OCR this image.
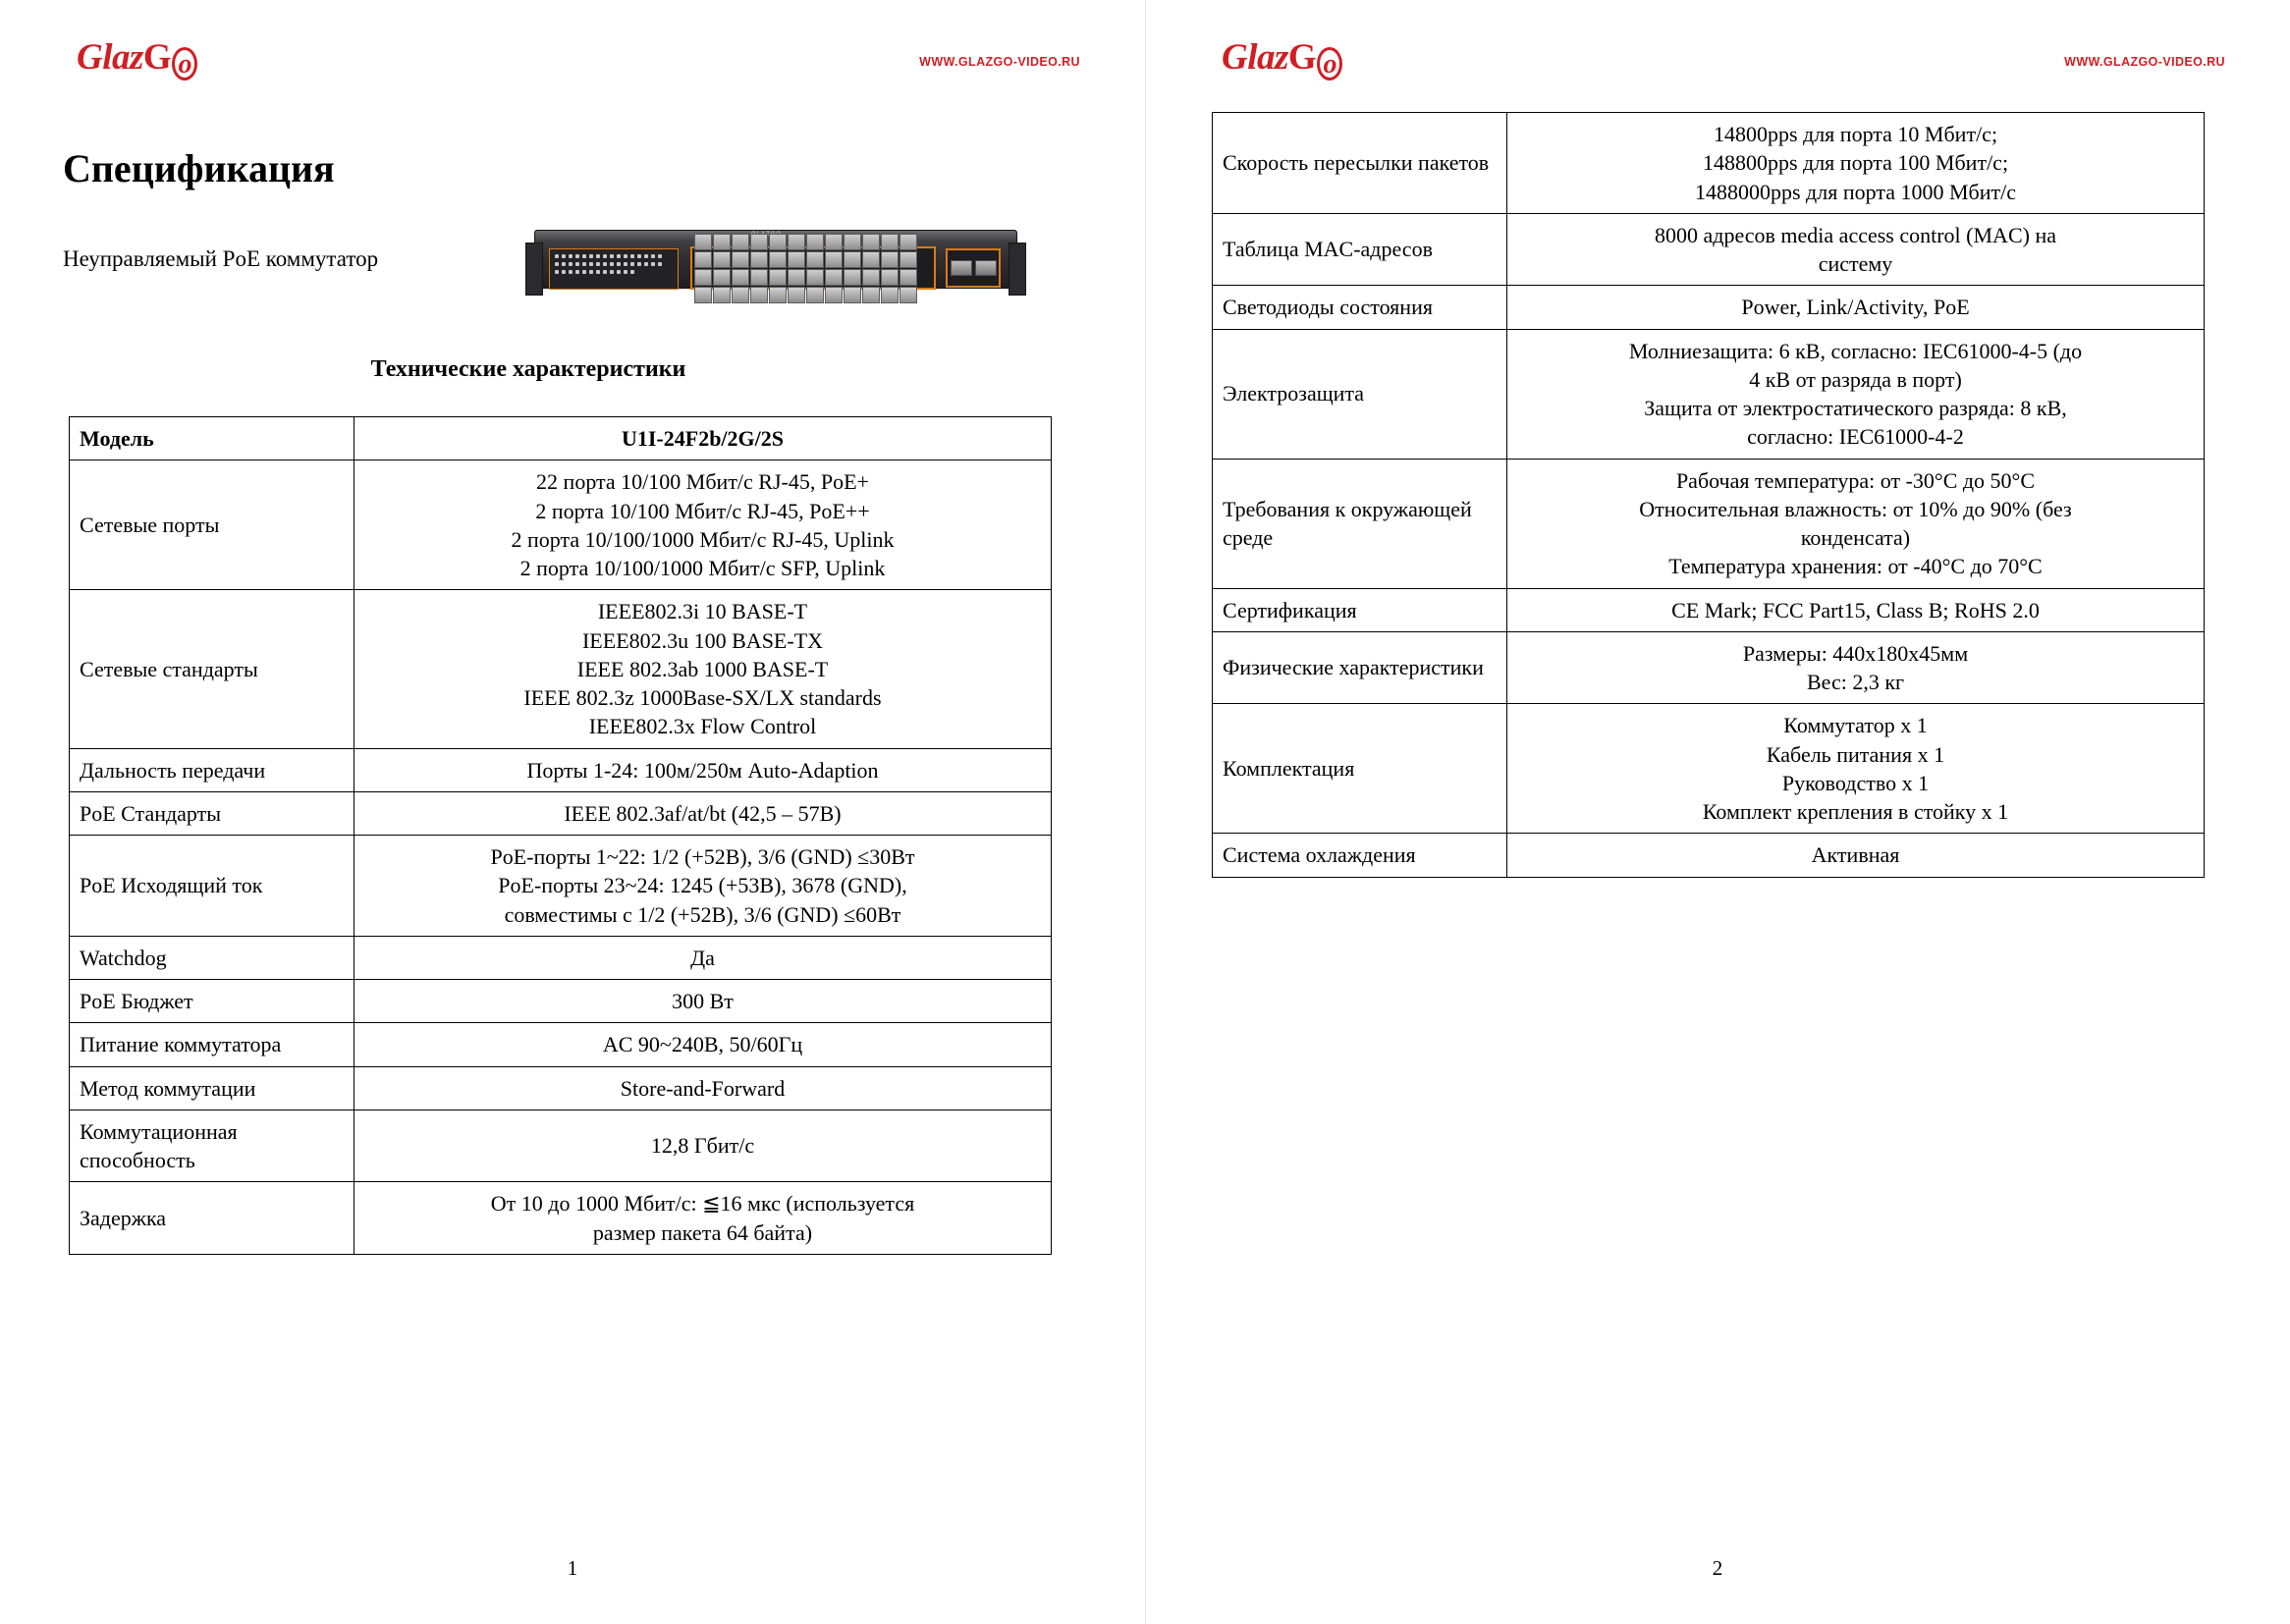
GlazG o	WWW.GLAZGO-VIDEO.RU
Спецификация
Неуправляемый PoE коммутатор
Технические характеристики
Модель	U1I-24F2b/2G/2S

Сетевые порты	22 порта 10/100 Мбит/с RJ-45, PoE+
2 порта 10/100 Мбит/с RJ-45, PoE++
2 порта 10/100/1000 Мбит/с RJ-45, Uplink
2 порта 10/100/1000 Мбит/с SFP, Uplink

Сетевые стандарты	IEEE802.3i 10 BASE-T
IEEE802.3u 100 BASE-TX
IEEE 802.3ab 1000 BASE-T
IEEE 802.3z 1000Base-SX/LX standards
IEEE802.3x Flow Control

Дальность передачи	Порты 1-24: 100м/250м Auto-Adaption

PoE Стандарты	IEEE 802.3af/at/bt (42,5 – 57В)

PoE Исходящий ток	PoE-порты 1~22: 1/2 (+52В), 3/6 (GND) ≤30Вт
PoE-порты 23~24: 1245 (+53В), 3678 (GND),
совместимы с 1/2 (+52В), 3/6 (GND) ≤60Вт

Watchdog	Да

PoE Бюджет	300 Вт

Питание коммутатора	AC 90~240В, 50/60Гц

Метод коммутации	Store-and-Forward

Коммутационная способность	12,8 Гбит/с

Задержка	От 10 до 1000 Мбит/с: ≦16 мкс (используется
размер пакета 64 байта)
1
GlazG o	WWW.GLAZGO-VIDEO.RU
Скорость пересылки пакетов	14800pps для порта 10 Мбит/с;
148800pps для порта 100 Мбит/с;
1488000pps для порта 1000 Мбит/с

Таблица MAC-адресов	8000 адресов media access control (MAC) на
систему

Светодиоды состояния	Power, Link/Activity, PoE

Электрозащита	Молниезащита: 6 кВ, согласно: IEC61000-4-5 (до
4 кВ от разряда в порт)
Защита от электростатического разряда: 8 кВ,
согласно: IEC61000-4-2

Требования к окружающей среде	Рабочая температура: от -30°C до 50°C
Относительная влажность: от 10% до 90% (без
конденсата)
Температура хранения: от -40°C до 70°C

Сертификация	CE Mark; FCC Part15, Class B; RoHS 2.0

Физические характеристики	Размеры: 440x180x45мм
Вес: 2,3 кг

Комплектация	Коммутатор x 1
Кабель питания x 1
Руководство x 1
Комплект крепления в стойку x 1

Система охлаждения	Активная
2
